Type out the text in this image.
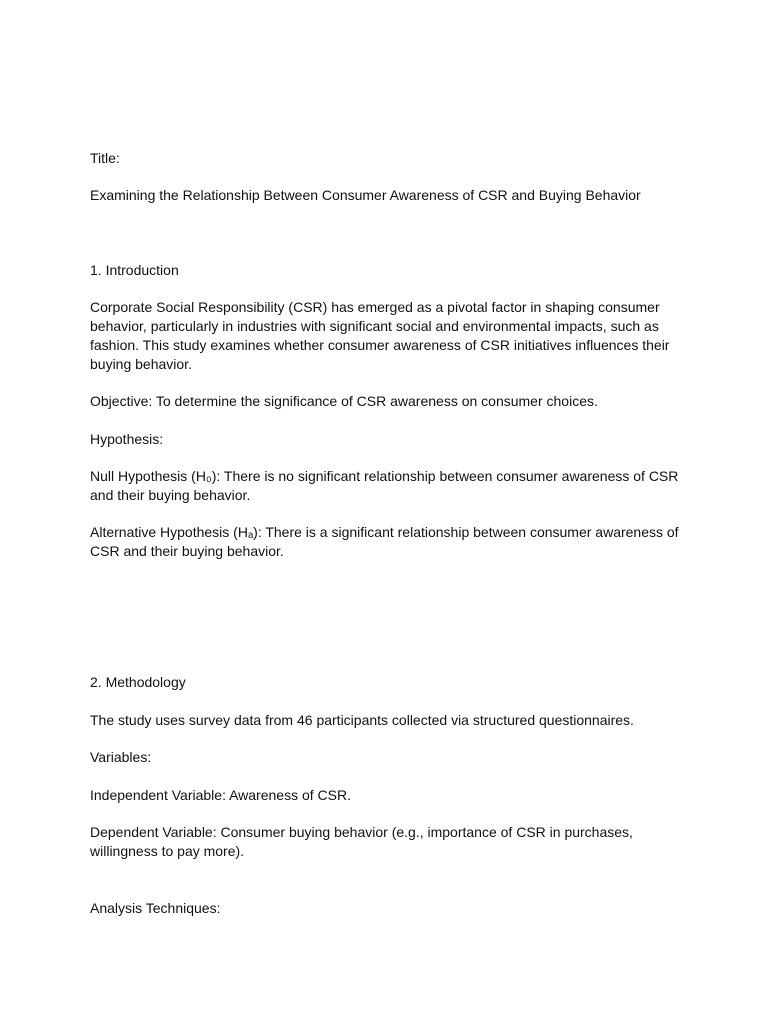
Title:

Examining the Relationship Between Consumer Awareness of CSR and Buying Behavior

1. Introduction

Corporate Social Responsibility (CSR) has emerged as a pivotal factor in shaping consumer behavior, particularly in industries with significant social and environmental impacts, such as fashion. This study examines whether consumer awareness of CSR initiatives influences their buying behavior.

Objective: To determine the significance of CSR awareness on consumer choices.

Hypothesis:

Null Hypothesis (H₀): There is no significant relationship between consumer awareness of CSR and their buying behavior.

Alternative Hypothesis (Hₐ): There is a significant relationship between consumer awareness of CSR and their buying behavior.

2. Methodology

The study uses survey data from 46 participants collected via structured questionnaires.

Variables:

Independent Variable: Awareness of CSR.

Dependent Variable: Consumer buying behavior (e.g., importance of CSR in purchases, willingness to pay more).

Analysis Techniques:
